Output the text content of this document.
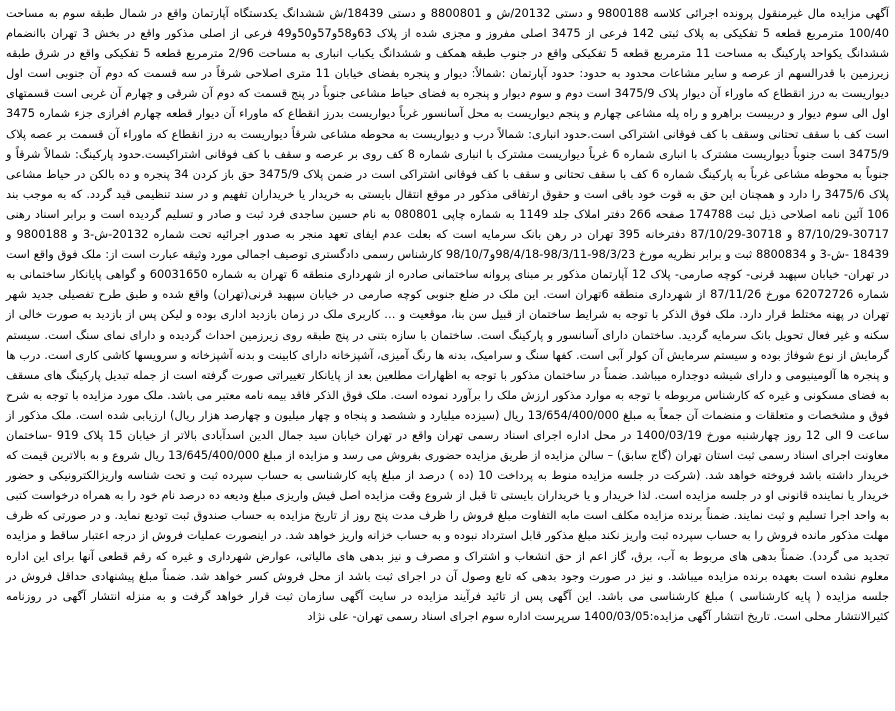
آگهی مزایده مال غیرمنقول پرونده اجرائی کلاسه 9800188 و دستی 20132/ش و 8800801 و دستی 18439/ش ششدانگ یکدستگاه آپارتمان واقع در شمال طبقه سوم به مساحت 100/40 مترمربع قطعه 5 تفکیکی به پلاک ثبتی 142 فرعی از 3475 اصلی مفروز و مجزی شده از پلاک 63و58و57و50و49 فرعی از اصلی مذکور واقع در بخش 3 تهران باانضمام ششدانگ یکواحد پارکینگ به مساحت 11 مترمربع قطعه 5 تفکیکی واقع در جنوب طبقه همکف و ششدانگ یکباب انباری به مساحت 2/96 مترمربع قطعه 5 تفکیکی واقع در شرق طبقه زیرزمین با قدرالسهم از عرصه و سایر مشاعات محدود به حدود: حدود آپارتمان :شمالاً: دیوار و پنجره بفضای خیابان 11 متری اصلاحی شرقاً در سه قسمت که دوم آن جنوبی است اول دیواریست به درز انقطاع که ماوراء آن دیوار پلاک 3475/9 است دوم و سوم دیوار و پنجره به فضای حیاط مشاعی جنوباً در پنج قسمت که دوم آن شرقی و چهارم آن غربی است قسمتهای اول الی سوم دیوار و دربیست براهرو و راه پله مشاعی چهارم و پنجم دیواریست به محل آسانسور غرباً دیواریست بدرز انقطاع که ماوراء آن دیوار قطعه چهارم افرازی جزء شماره 3475 است کف با سقف تحتانی وسقف با کف فوقانی اشتراکی است.حدود انباری: شمالاً درب و دیواریست به محوطه مشاعی شرقاً دیواریست به درز انقطاع که ماوراء آن قسمت بر عصه پلاک 3475/9 است جنوباً دیواریست مشترک با انباری شماره 6 غرباً دیواریست مشترک با انباری شماره 8 کف روی بر عرصه و سقف با کف فوقانی اشتراکیست.حدود پارکینگ: شمالاً شرقاً و جنوباً به محوطه مشاعی غرباً به پارکینگ شماره 6 کف با سقف تحتانی و سقف با کف فوقانی اشتراکی است در ضمن پلاک 3475/9 حق باز کردن 34 پنجره و ده بالکن در حیاط مشاعی پلاک 3475/6 را دارد و همچنان این حق به قوت خود باقی است و حقوق ارتفاقی مذکور در موقع انتقال بایستی به خریدار یا خریداران تفهیم و در سند تنظیمی قید گردد. که به موجب بند 106 آئین نامه اصلاحی ذیل ثبت 174788 صفحه 266 دفتر املاک جلد 1149 به شماره چاپی 080801 به نام حسین ساجدی فرد ثبت و صادر و تسلیم گردیده است و برابر اسناد رهنی 30717-87/10/29 و 30718-87/10/29 دفترخانه 395 تهران در رهن بانک سرمایه است که بعلت عدم ایفای تعهد منجر به صدور اجرائیه تحت شماره 20132-ش-3 و 9800188 و 18439 -ش-3 و 8800834 ثبت و برابر نظریه مورخ 98/3/23-98/3/11-98/4/18و98/10/7 کارشناس رسمی دادگستری توصیف اجمالی مورد وثیقه عبارت است از: ملک فوق واقع است در تهران- خیابان سپهبد قرنی- کوچه صارمی- پلاک 12 آپارتمان مذکور بر مبنای پروانه ساختمانی صادره از شهرداری منطقه 6 تهران به شماره 60031650 و گواهی پایانکار ساختمانی به شماره 62072726 مورخ 87/11/26 از شهرداری منطقه 6تهران است. این ملک در ضلع جنوبی کوچه صارمی در خیابان سپهبد قرنی(تهران) واقع شده و طبق طرح تفصیلی جدید شهر تهران در پهنه مختلط قرار دارد. ملک فوق الذکر با توجه به شرایط ساختمان از قبیل سن بنا، موقعیت و … کاربری ملک در زمان بازدید اداری بوده و لیکن پس از بازدید به صورت خالی از سکنه و غیر فعال تحویل بانک سرمایه گردید. ساختمان دارای آسانسور و پارکینگ است. ساختمان با سازه بتنی در پنج طبقه روی زیرزمین احداث گردیده و دارای نمای سنگ است. سیستم گرمایش از نوع شوفاژ بوده و سیستم سرمایش آن کولر آبی است. کفها سنگ و سرامیک، بدنه ها رنگ آمیزی، آشپزخانه دارای کابینت و بدنه آشپزخانه و سرویسها کاشی کاری است. درب ها و پنجره ها آلومینیومی و دارای شیشه دوجداره میباشد. ضمناً در ساختمان مذکور با توجه به اظهارات مطلعین بعد از پایانکار تغییراتی صورت گرفته است از جمله تبدیل پارکینگ های مسقف به فضای مسکونی و غیره که کارشناس مربوطه با توجه به موارد مذکور ارزش ملک را برآورد نموده است. ملک فوق الذکر فاقد بیمه نامه معتبر می باشد. ملک مورد مزایده با توجه به شرح فوق و مشخصات و متعلقات و منضمات آن جمعاً به مبلغ 13/654/400/000 ریال (سیزده میلیارد و ششصد و پنجاه و چهار میلیون و چهارصد هزار ریال) ارزیابی شده است. ملک مذکور از ساعت 9 الی 12 روز چهارشنبه مورخ 1400/03/19 در محل اداره اجرای اسناد رسمی تهران واقع در تهران خیابان سید جمال الدین اسدآبادی بالاتر از خیابان 15 پلاک 919 -ساختمان معاونت اجرای اسناد رسمی ثبت استان تهران (گاج سابق) – سالن مزایده از طریق مزایده حضوری بفروش می رسد و مزایده از مبلغ 13/645/400/000 ریال شروع و به بالاترین قیمت که خریدار داشته باشد فروخته خواهد شد. (شرکت در جلسه مزایده منوط به پرداخت 10 (ده ) درصد از مبلغ پایه کارشناسی به حساب سپرده ثبت و تحت شناسه واریزالکترونیکی و حضور خریدار یا نماینده قانونی او در جلسه مزایده است. لذا خریدار و یا خریداران بایستی تا قبل از شروع وقت مزایده اصل فیش واریزی مبلغ ودیعه ده درصد نام خود را به همراه درخواست کتبی به واحد اجرا تسلیم و ثبت نمایند. ضمناً برنده مزایده مکلف است مابه التفاوت مبلغ فروش را ظرف مدت پنج روز از تاریخ مزایده به حساب صندوق ثبت تودیع نماید. و در صورتی که ظرف مهلت مذکور مانده فروش را به حساب سپرده ثبت واریز نکند مبلغ مذکور قابل استرداد نبوده و به حساب خزانه واریز خواهد شد. در اینصورت عملیات فروش از درجه اعتبار ساقط و مزایده تجدید می گردد). ضمناً بدهی های مربوط به آب، برق، گاز اعم از حق انشعاب و اشتراک و مصرف و نیز بدهی های مالیاتی، عوارض شهرداری و غیره که رقم قطعی آنها برای این اداره معلوم نشده است بعهده برنده مزایده میباشد. و نیز در صورت وجود بدهی که تابع وصول آن در اجرای ثبت باشد از محل فروش کسر خواهد شد. ضمناً مبلغ پیشنهادی حداقل فروش در جلسه مزایده ( پایه کارشناسی ) مبلغ کارشناسی می باشد. این آگهی پس از تائید فرآیند مزایده در سایت آگهی سازمان ثبت قرار خواهد گرفت و به منزله انتشار آگهی در روزنامه کثیرالانتشار محلی است. تاریخ انتشار آگهی مزایده:1400/03/05 سرپرست اداره سوم اجرای اسناد رسمی تهران- علی نژاد
